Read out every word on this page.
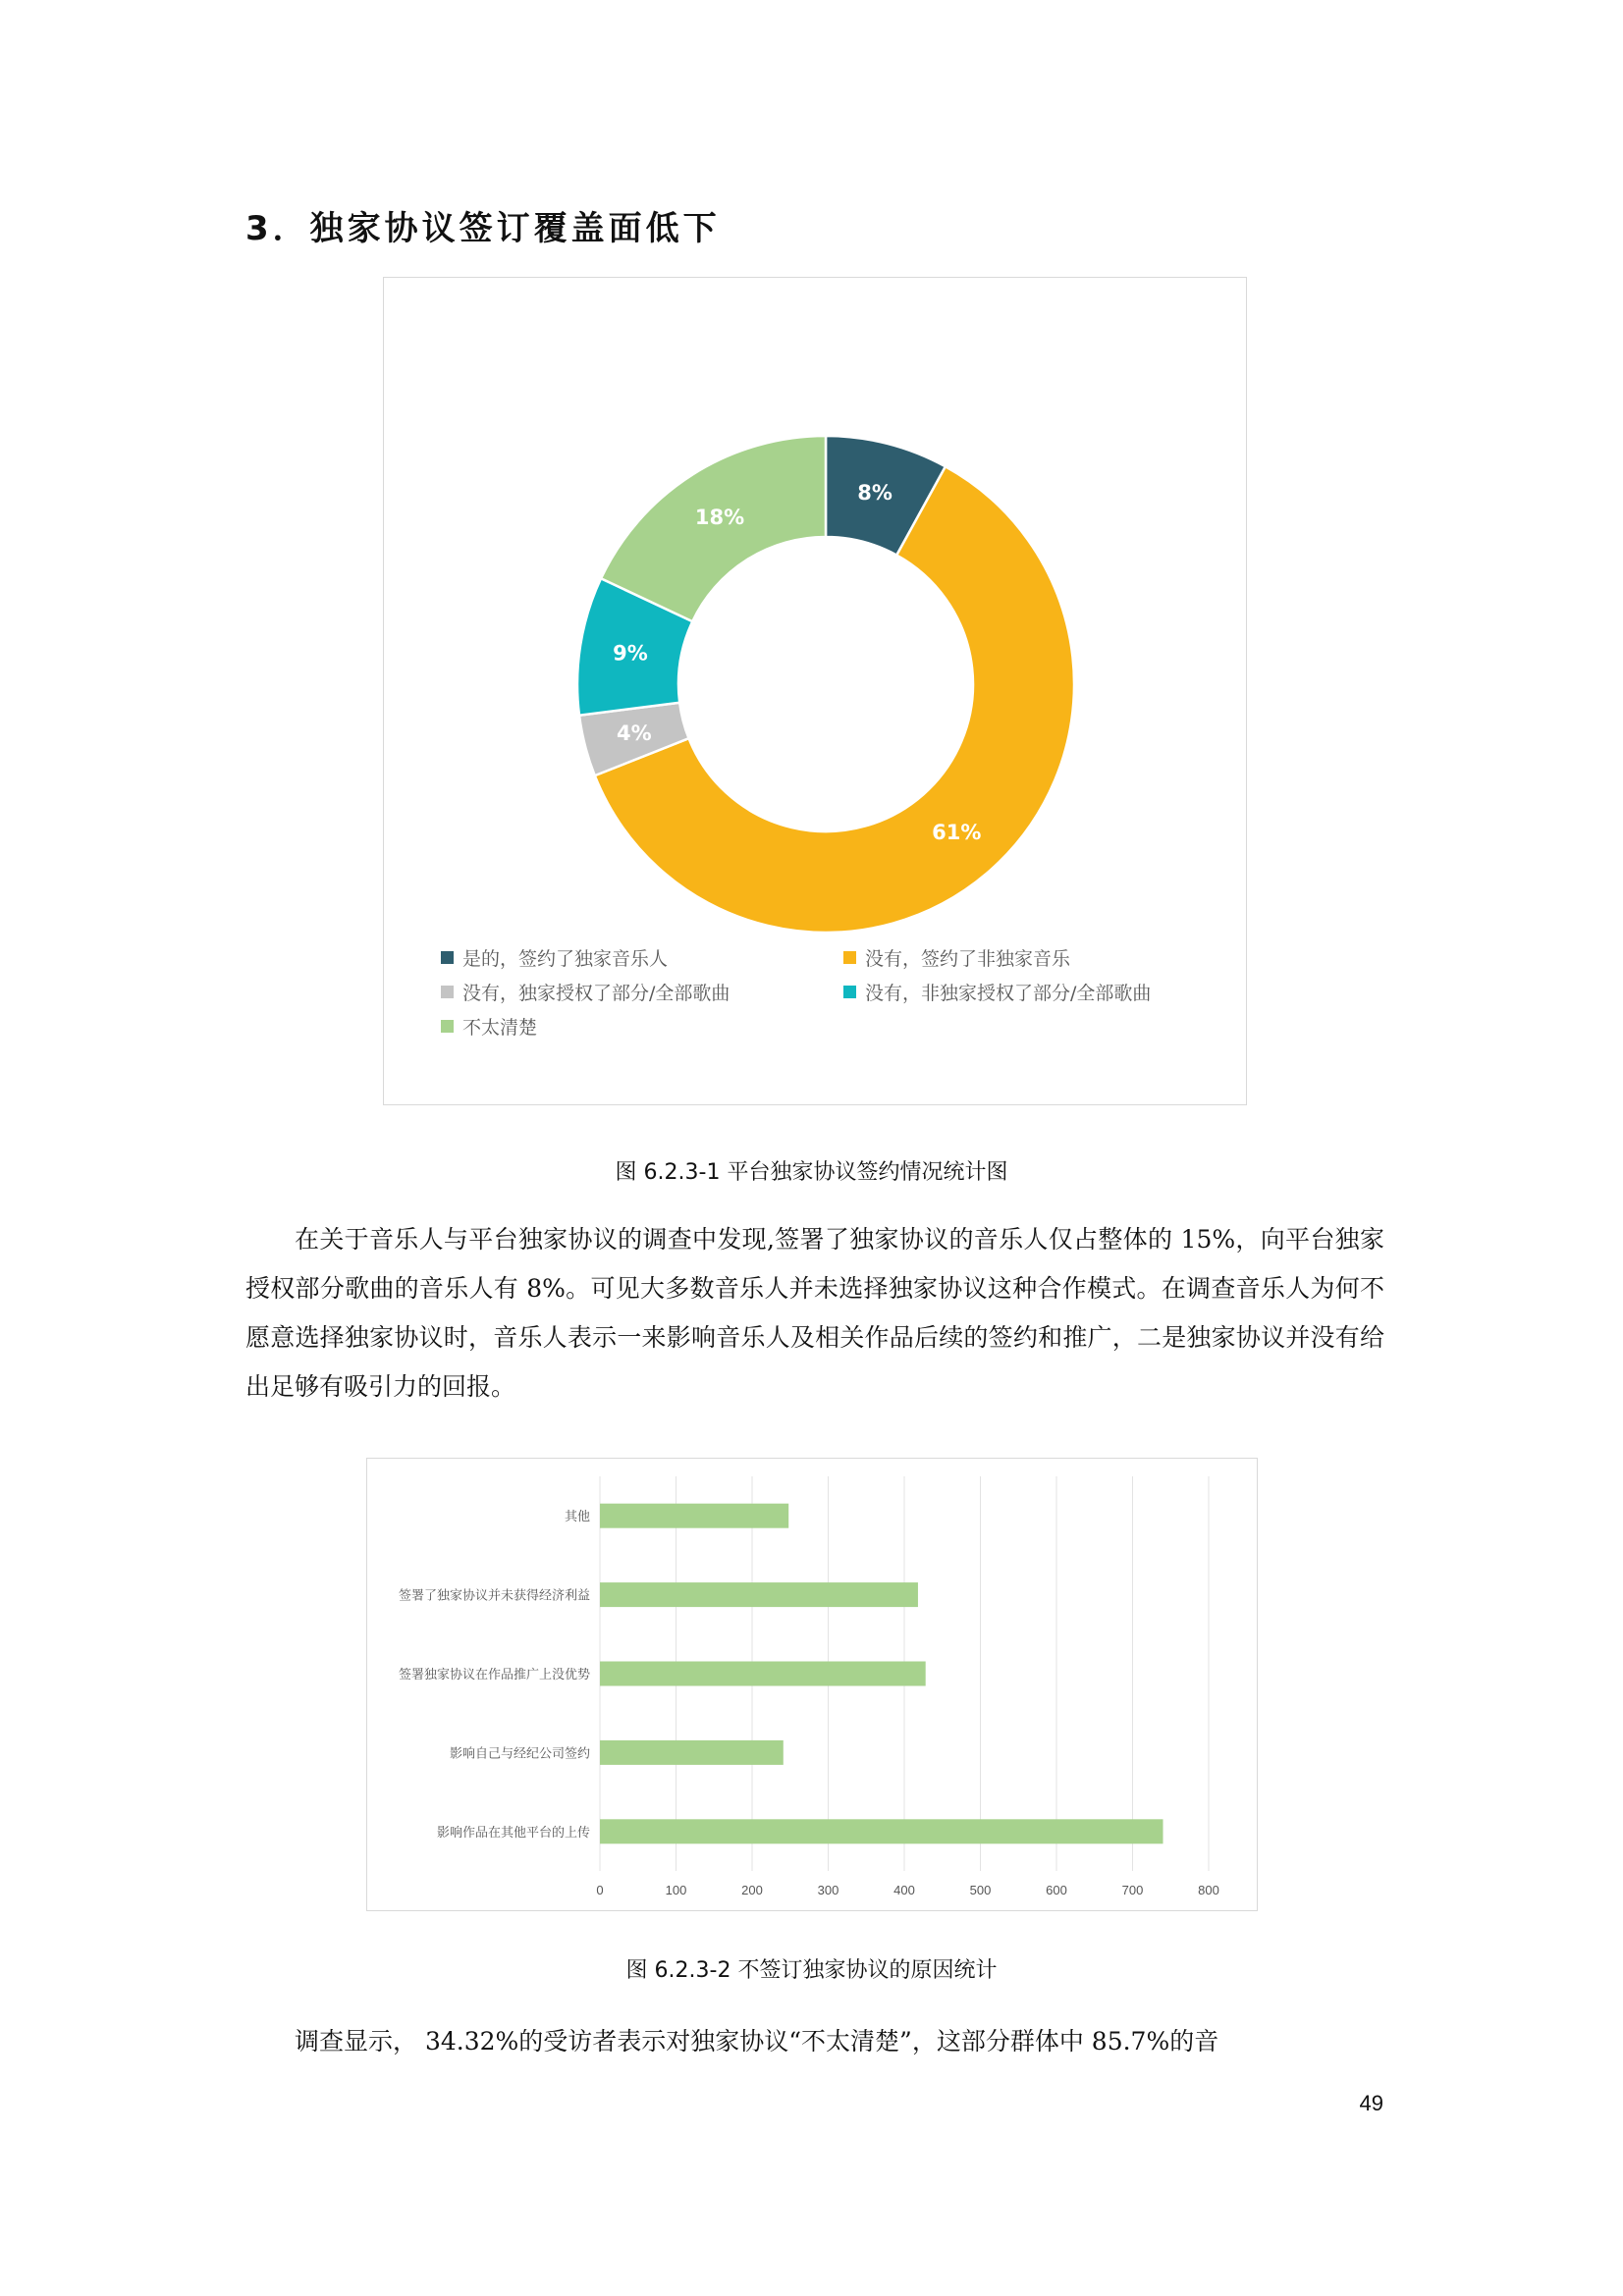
3．独家协议签订覆盖面低下
8%
61%
4%
9%
18%
是的，签约了独家音乐人	没有，签约了非独家音乐
没有，独家授权了部分/全部歌曲	没有，非独家授权了部分/全部歌曲
不太清楚
图 6.2.3-1 平台独家协议签约情况统计图

在关于音乐人与平台独家协议的调查中发现,签署了独家协议的音乐人仅占整体的 15%，向平台独家授权部分歌曲的音乐人有 8%。可见大多数音乐人并未选择独家协议这种合作模式。在调查音乐人为何不愿意选择独家协议时，音乐人表示一来影响音乐人及相关作品后续的签约和推广，二是独家协议并没有给出足够有吸引力的回报。

0	100	200	300	400	500	600	700	800
其他
签署了独家协议并未获得经济利益
签署独家协议在作品推广上没优势
影响自己与经纪公司签约
影响作品在其他平台的上传
图 6.2.3-2 不签订独家协议的原因统计

调查显示， 34.32%的受访者表示对独家协议“不太清楚”，这部分群体中 85.7%的音

49
